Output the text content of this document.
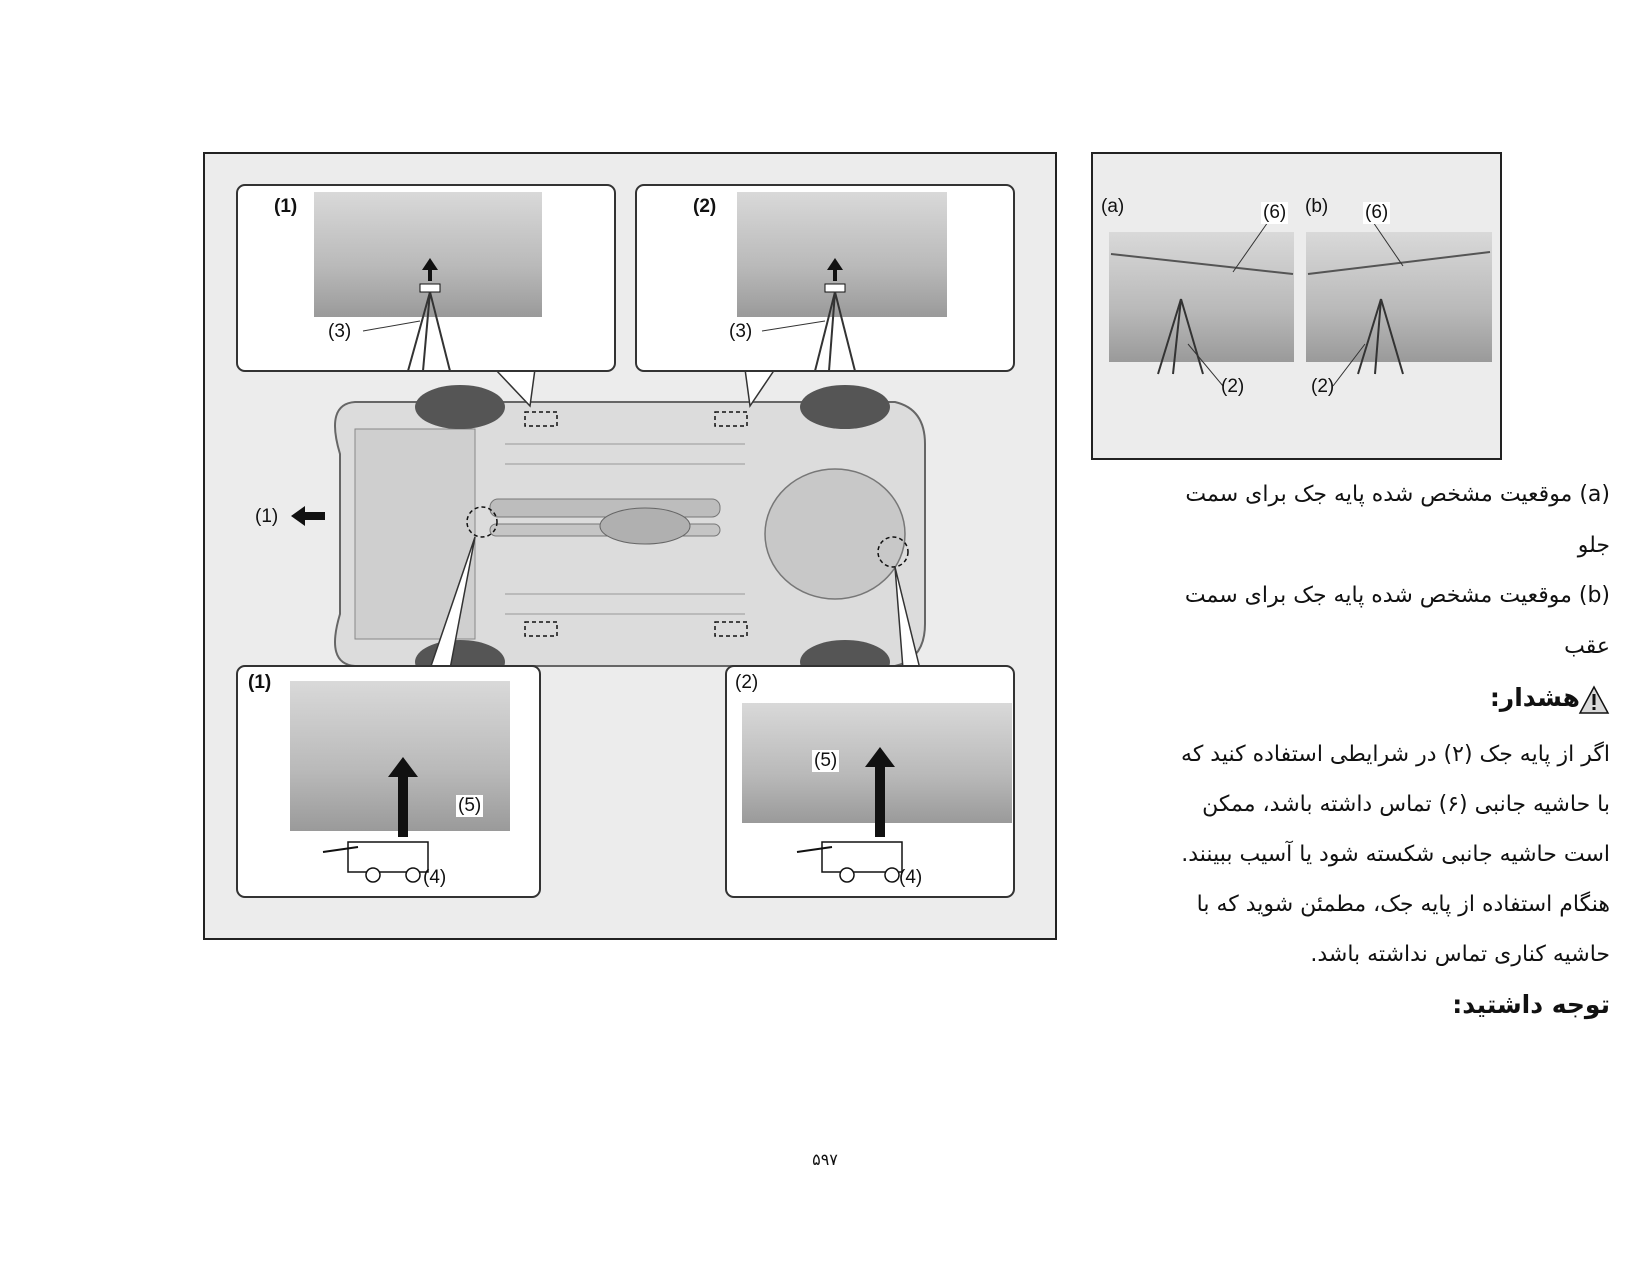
(1)
(1)
(3)
(2)
(3)
(1)
(5)
(4)
(2)
(5)
(4)
(a)	(6)
(2)
(b) (6)
(2)
(a) موقعیت مشخص شده پایه جک برای سمت
جلو
(b) موقعیت مشخص شده پایه جک برای سمت
عقب
هشدار:
اگر از پایه جک (۲) در شرایطی استفاده کنید که
با حاشیه جانبی (۶) تماس داشته باشد، ممکن
است حاشیه جانبی شکسته شود یا آسیب ببینند.
هنگام استفاده از پایه جک، مطمئن شوید که با
حاشیه کناری تماس نداشته باشد.
توجه داشتید:
۵۹۷
